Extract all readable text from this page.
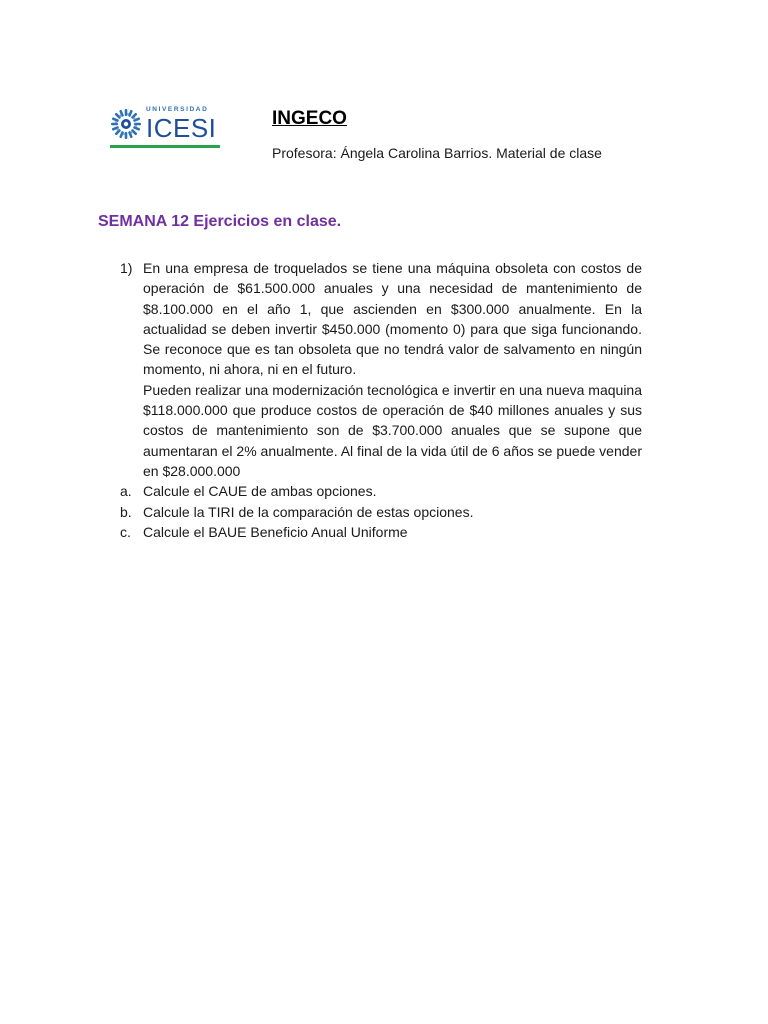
UNIVERSIDAD
ICESI	INGECO
Profesora: Ángela Carolina Barrios. Material de clase
SEMANA 12 Ejercicios en clase.
1) En una empresa de troquelados se tiene una máquina obsoleta con costos de operación de $61.500.000 anuales y una necesidad de mantenimiento de $8.100.000 en el año 1, que ascienden en $300.000 anualmente. En la actualidad se deben invertir $450.000 (momento 0) para que siga funcionando. Se reconoce que es tan obsoleta que no tendrá valor de salvamento en ningún momento, ni ahora, ni en el futuro.
Pueden realizar una modernización tecnológica e invertir en una nueva maquina $118.000.000 que produce costos de operación de $40 millones anuales y sus costos de mantenimiento son de $3.700.000 anuales que se supone que aumentaran el 2% anualmente. Al final de la vida útil de 6 años se puede vender en $28.000.000
a. Calcule el CAUE de ambas opciones.
b. Calcule la TIRI de la comparación de estas opciones.
c. Calcule el BAUE Beneficio Anual Uniforme
